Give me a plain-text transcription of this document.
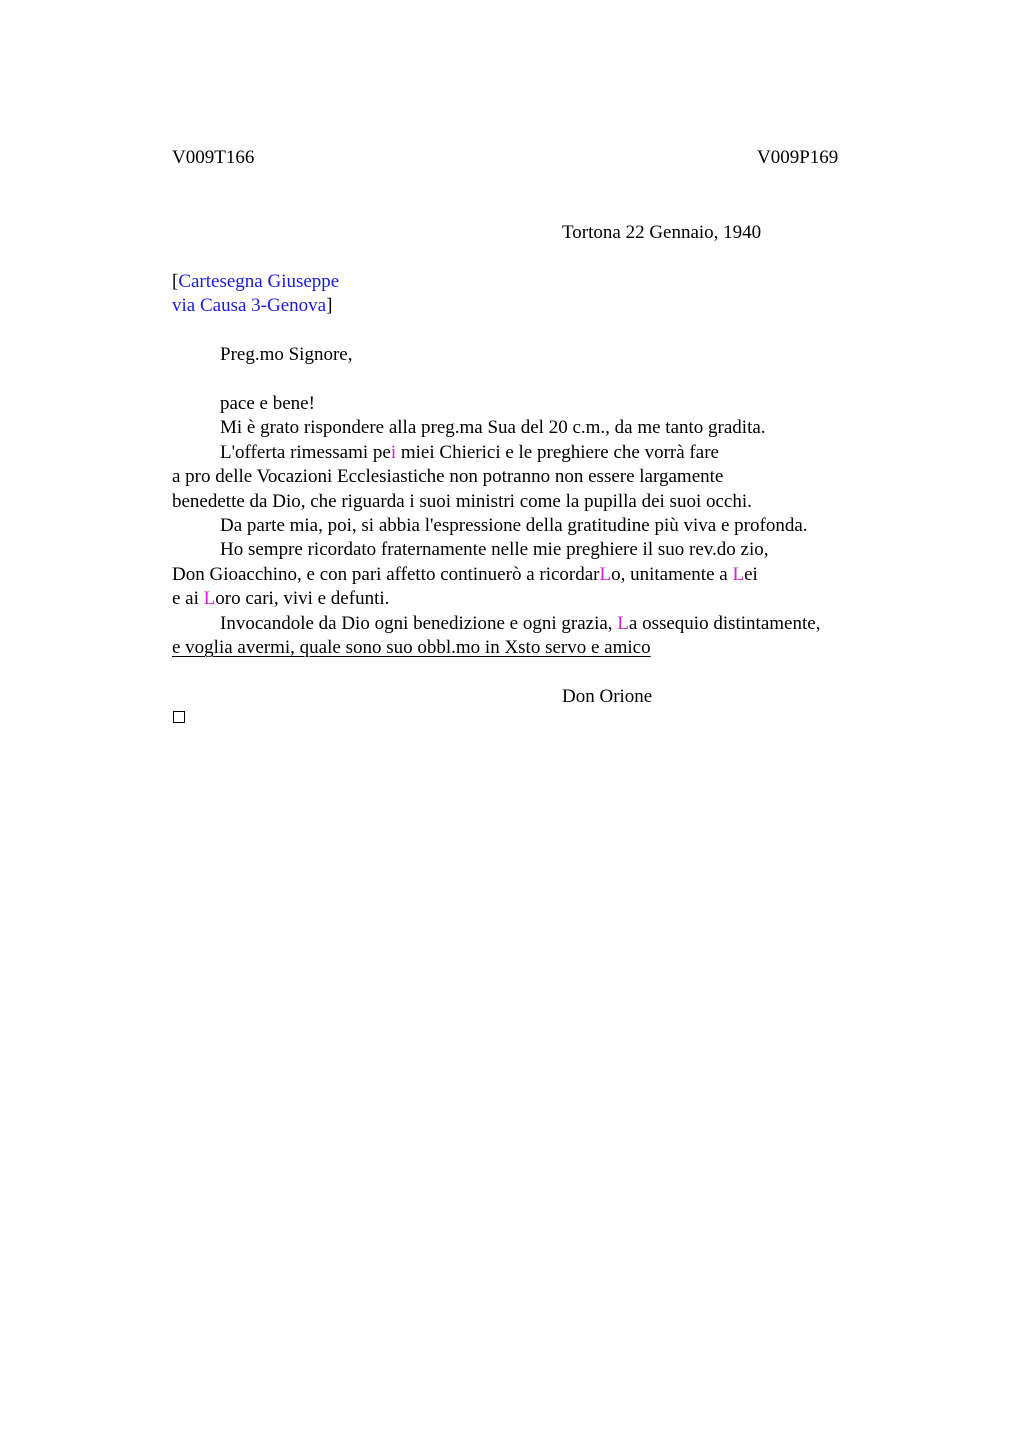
V009T166	V009P169
Tortona 22 Gennaio, 1940
[Cartesegna Giuseppe
via Causa 3-Genova]
Preg.mo Signore,
pace e bene!
Mi è grato rispondere alla preg.ma Sua del 20 c.m., da me tanto gradita.
L'offerta rimessami pei miei Chierici e le preghiere che vorrà fare
a pro delle Vocazioni Ecclesiastiche non potranno non essere largamente
benedette da Dio, che riguarda i suoi ministri come la pupilla dei suoi occhi.
Da parte mia, poi, si abbia l'espressione della gratitudine più viva e profonda.
Ho sempre ricordato fraternamente nelle mie preghiere il suo rev.do zio,
Don Gioacchino, e con pari affetto continuerò a ricordarLo, unitamente a Lei
e ai Loro cari, vivi e defunti.
Invocandole da Dio ogni benedizione e ogni grazia, La ossequio distintamente,
e voglia avermi, quale sono suo obbl.mo in Xsto servo e amico
Don Orione
